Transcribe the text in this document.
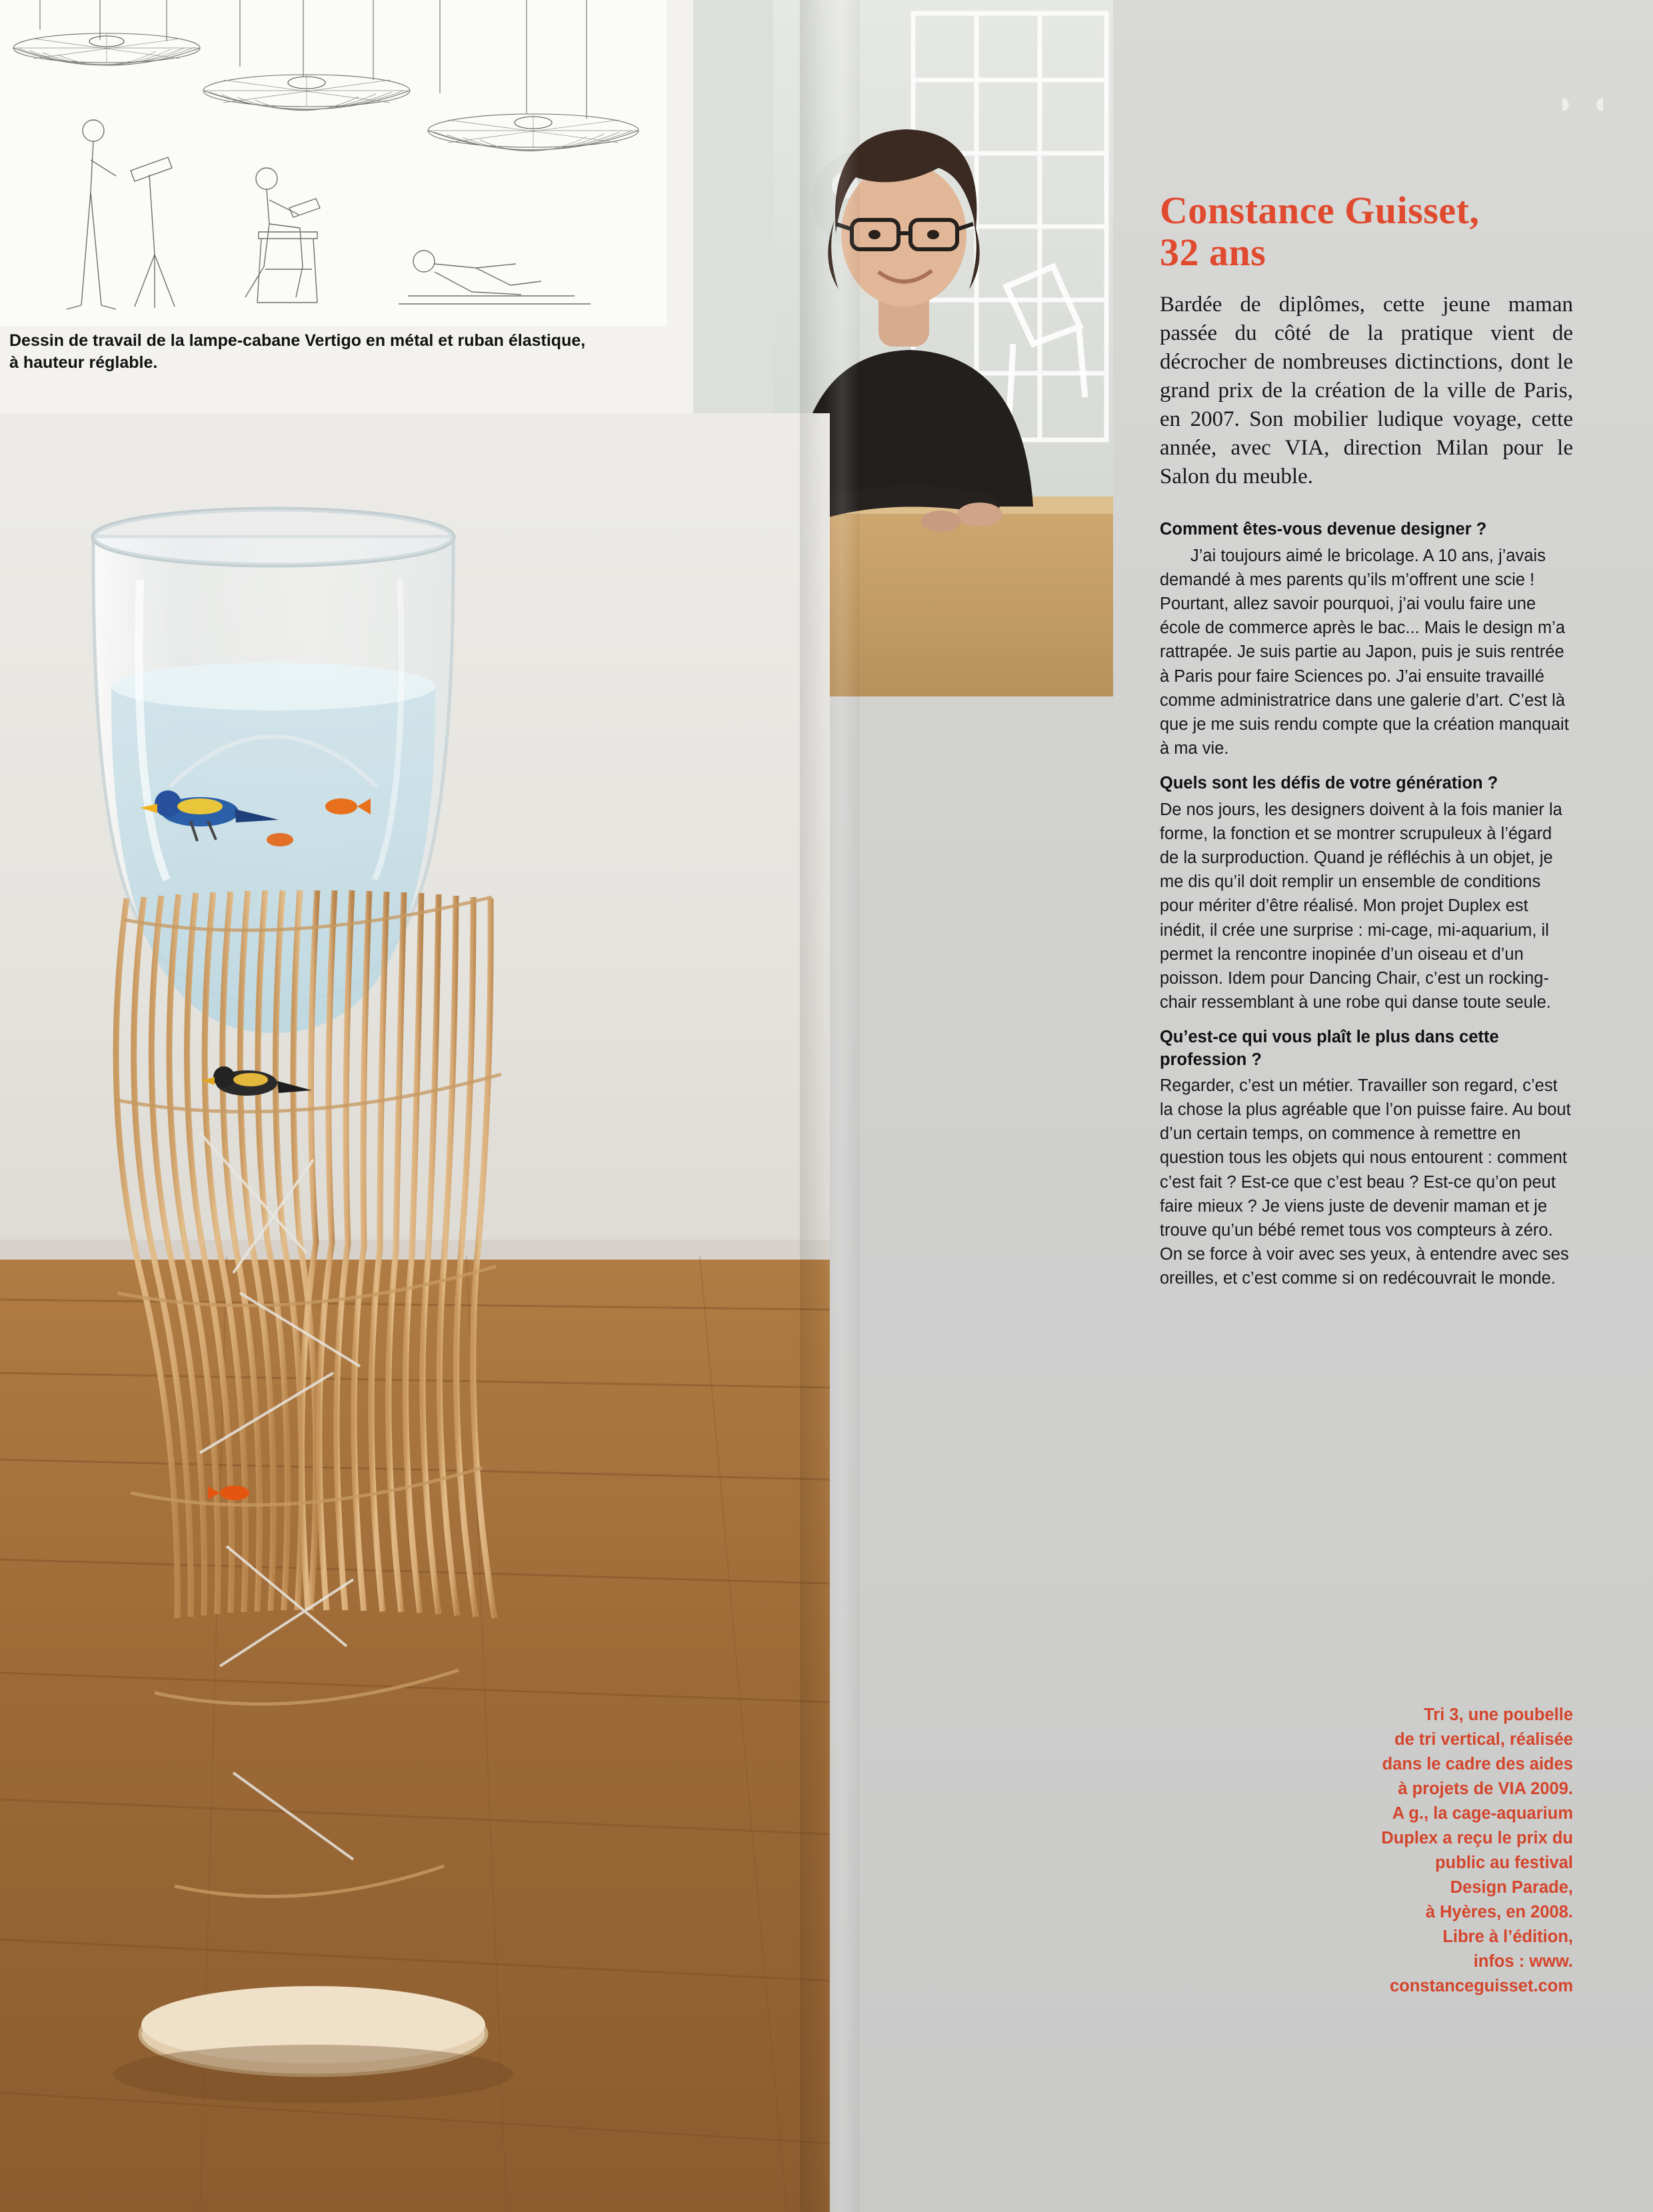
Dessin de travail de la lampe-cabane Vertigo en métal et ruban élastique, à hauteur réglable.
◗ ◖
Constance Guisset,
32 ans

Bardée de diplômes, cette jeune maman passée du côté de la pratique vient de décrocher de nombreuses dictinctions, dont le grand prix de la création de la ville de Paris, en 2007. Son mobilier ludique voyage, cette année, avec VIA, direction Milan pour le Salon du meuble.

Comment êtes-vous devenue designer ?

J’ai toujours aimé le bricolage. A 10 ans, j’avais demandé à mes parents qu’ils m’offrent une scie ! Pourtant, allez savoir pourquoi, j’ai voulu faire une école de commerce après le bac... Mais le design m’a rattrapée. Je suis partie au Japon, puis je suis rentrée à Paris pour faire Sciences po. J’ai ensuite travaillé comme administratrice dans une galerie d’art. C’est là que je me suis rendu compte que la création manquait à ma vie.

Quels sont les défis de votre génération ?

De nos jours, les designers doivent à la fois manier la forme, la fonction et se montrer scrupuleux à l’égard de la surproduction. Quand je réfléchis à un objet, je me dis qu’il doit remplir un ensemble de conditions pour mériter d’être réalisé. Mon projet Duplex est inédit, il crée une surprise : mi-cage, mi-aquarium, il permet la rencontre inopinée d’un oiseau et d’un poisson. Idem pour Dancing Chair, c’est un rocking-chair ressemblant à une robe qui danse toute seule.

Qu’est-ce qui vous plaît le plus dans cette profession ?

Regarder, c’est un métier. Travailler son regard, c’est la chose la plus agréable que l’on puisse faire. Au bout d’un certain temps, on commence à remettre en question tous les objets qui nous entourent : comment c’est fait ? Est-ce que c’est beau ? Est-ce qu’on peut faire mieux ? Je viens juste de devenir maman et je trouve qu’un bébé remet tous vos compteurs à zéro. On se force à voir avec ses yeux, à entendre avec ses oreilles, et c’est comme si on redécouvrait le monde.

Tri 3, une poubelle
de tri vertical, réalisée
dans le cadre des aides
à projets de VIA 2009.
A g., la cage-aquarium
Duplex a reçu le prix du
public au festival
Design Parade,
à Hyères, en 2008.
Libre à l’édition,
infos : www.
constanceguisset.com
